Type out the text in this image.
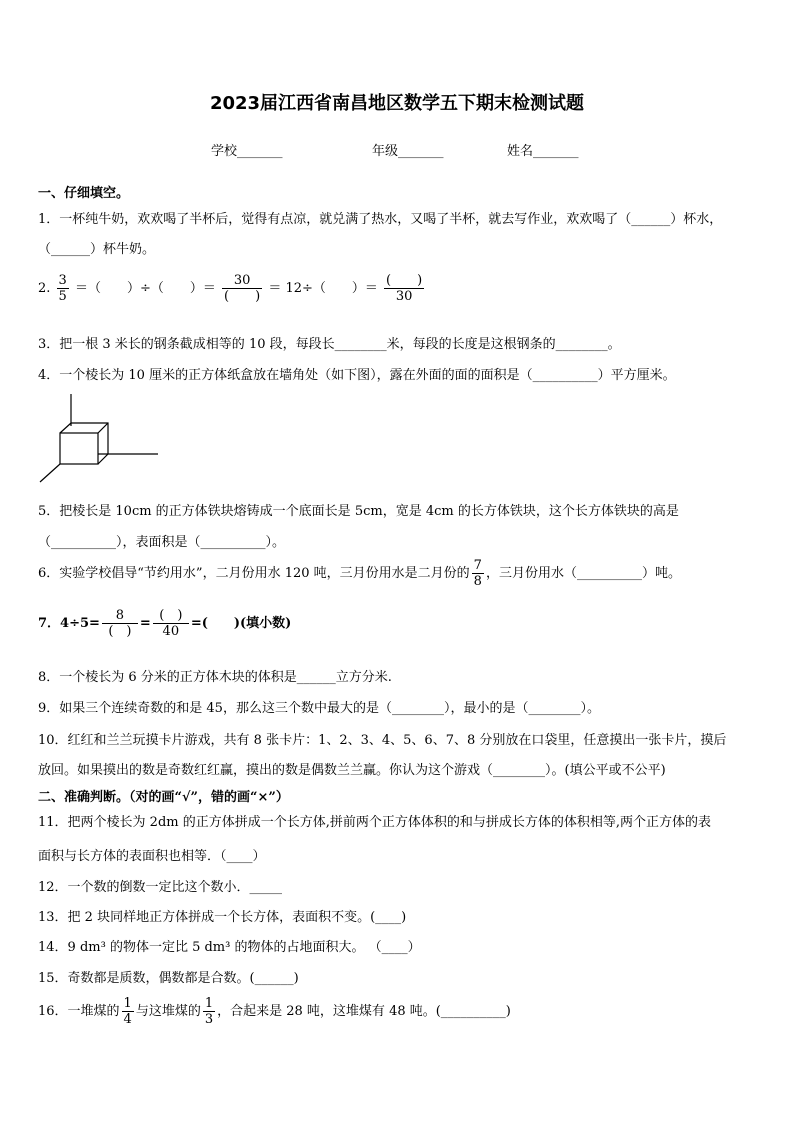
2023届江西省南昌地区数学五下期末检测试题
学校_______	年级_______	姓名_______
一、仔细填空。
1．一杯纯牛奶，欢欢喝了半杯后，觉得有点凉，就兑满了热水，又喝了半杯，就去写作业，欢欢喝了（______）杯水，
（______）杯牛奶。
2. $\frac{3}{5}$ ＝（　　）÷（　　）＝ $\frac{30}{( )} = 12\div$（　　）＝ $\frac{( )}{30}$
3．把一根 3 米长的钢条截成相等的 10 段，每段长________米，每段的长度是这根钢条的________。
4．一个棱长为 10 厘米的正方体纸盒放在墙角处（如下图），露在外面的面的面积是（__________）平方厘米。
5．把棱长是 10cm 的正方体铁块熔铸成一个底面长是 5cm，宽是 4cm 的长方体铁块，这个长方体铁块的高是
（__________），表面积是（__________）。
6．实验学校倡导“节约用水”，二月份用水 120 吨，三月份用水是二月份的 $\frac{7}{8}$ ，三月份用水（__________）吨。
7．$4\div 5= \frac{8}{( )} = \frac{( )}{40}$ =(　　)(填小数)
8．一个棱长为 6 分米的正方体木块的体积是______立方分米.
9．如果三个连续奇数的和是 45，那么这三个数中最大的是（________），最小的是（________）。
10．红红和兰兰玩摸卡片游戏，共有 8 张卡片：1、2、3、4、5、6、7、8 分别放在口袋里，任意摸出一张卡片，摸后
放回。如果摸出的数是奇数红红赢，摸出的数是偶数兰兰赢。你认为这个游戏（________）。(填公平或不公平)
二、准确判断。（对的画“√”，错的画“×”）
11．把两个棱长为 2dm 的正方体拼成一个长方体,拼前两个正方体体积的和与拼成长方体的体积相等,两个正方体的表
面积与长方体的表面积也相等．（____）
12．一个数的倒数一定比这个数小．_____
13．把 2 块同样地正方体拼成一个长方体，表面积不变。(____)
14．9 dm³ 的物体一定比 5 dm³ 的物体的占地面积大。 （____）
15．奇数都是质数，偶数都是合数。(______)
16．一堆煤的 $\frac{1}{4}$ 与这堆煤的 $\frac{1}{3}$ ，合起来是 28 吨，这堆煤有 48 吨。(__________)
